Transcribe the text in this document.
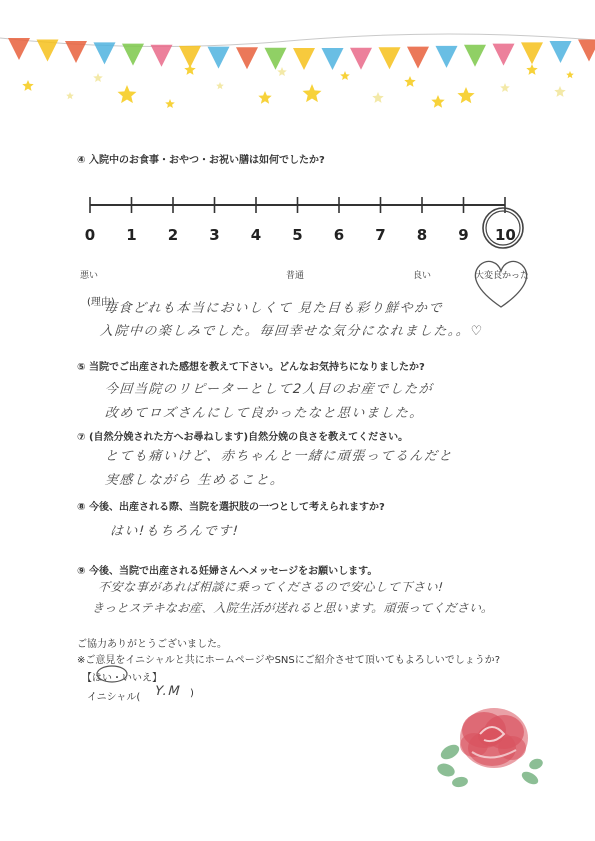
④ 入院中のお食事・おやつ・お祝い膳は如何でしたか?
0	1	2	3	4	5	6	7	8	9	10
悪い	普通	良い	大変良かった
(理由)
毎食どれも本当においしくて 見た目も彩り鮮やかで
入院中の楽しみでした。毎回幸せな気分になれました。。♡
⑤ 当院でご出産された感想を教えて下さい。どんなお気持ちになりましたか?
今回当院のリピーターとして2人目のお産でしたが
改めてロズさんにして良かったなと思いました。
⑦ (自然分娩された方へお尋ねします)自然分娩の良さを教えてください。
とても痛いけど、赤ちゃんと一緒に頑張ってるんだと
実感しながら 生めること。
⑧ 今後、出産される際、当院を選択肢の一つとして考えられますか?
はい!もちろんです!
⑨ 今後、当院で出産される妊婦さんへメッセージをお願いします。
不安な事があれば相談に乗ってくださるので安心して下さい!
きっとステキなお産、入院生活が送れると思います。頑張ってください。
ご協力ありがとうございました。
※ご意見をイニシャルと共にホームページやSNSにご紹介させて頂いてもよろしいでしょうか?
【はい・いいえ】
イニシャル( Y.M )
